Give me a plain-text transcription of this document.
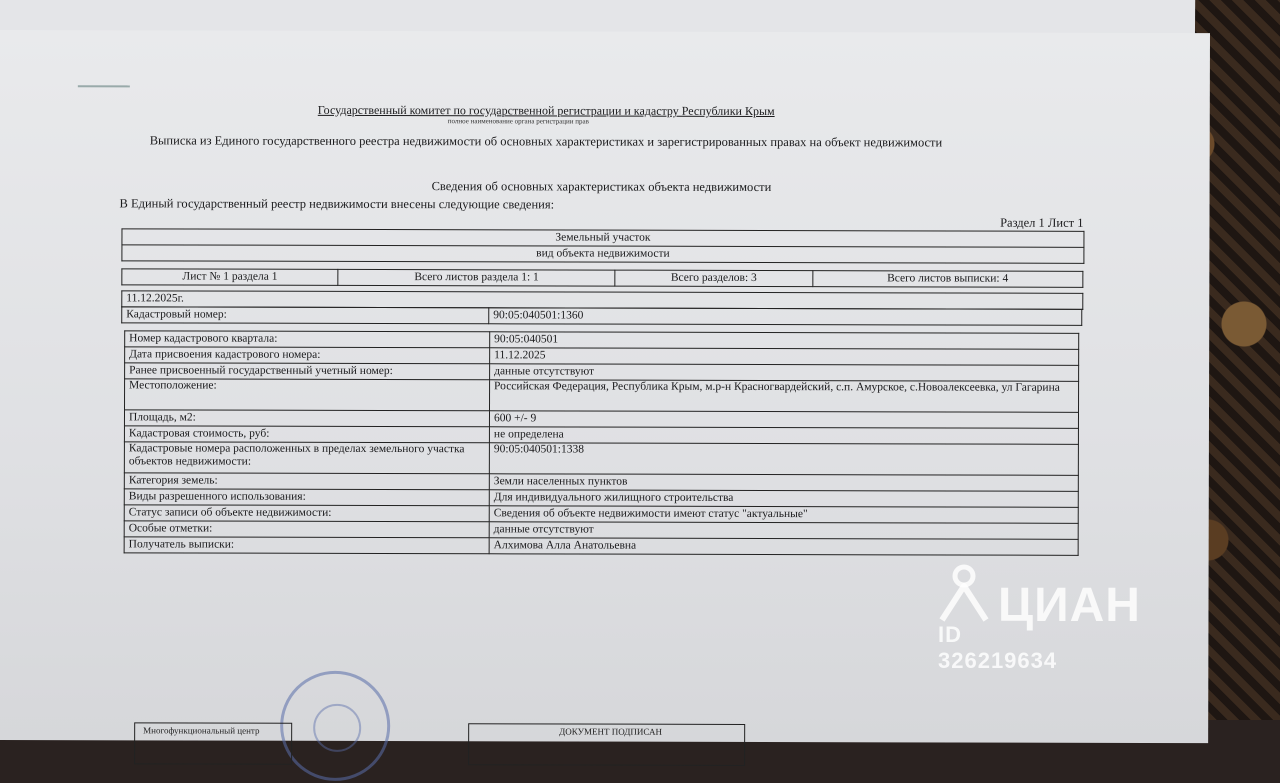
Государственный комитет по государственной регистрации и кадастру Республики Крым
полное наименование органа регистрации прав
Выписка из Единого государственного реестра недвижимости об основных характеристиках и зарегистрированных правах на объект недвижимости
Сведения об основных характеристиках объекта недвижимости
В Единый государственный реестр недвижимости внесены следующие сведения:
Раздел 1 Лист 1
Земельный участок
вид объекта недвижимости
Лист № 1 раздела 1	Всего листов раздела 1: 1	Всего разделов: 3	Всего листов выписки: 4
11.12.2025г.
Кадастровый номер:	90:05:040501:1360
Номер кадастрового квартала:	90:05:040501
Дата присвоения кадастрового номера:	11.12.2025
Ранее присвоенный государственный учетный номер:	данные отсутствуют
Местоположение:	Российская Федерация, Республика Крым, м.р-н Красногвардейский, с.п. Амурское, с.Новоалексеевка, ул Гагарина
Площадь, м2:	600 +/- 9
Кадастровая стоимость, руб:	не определена
Кадастровые номера расположенных в пределах земельного участка объектов недвижимости:	90:05:040501:1338
Категория земель:	Земли населенных пунктов
Виды разрешенного использования:	Для индивидуального жилищного строительства
Статус записи об объекте недвижимости:	Сведения об объекте недвижимости имеют статус "актуальные"
Особые отметки:	данные отсутствуют
Получатель выписки:	Алхимова Алла Анатольевна
Многофункциональный центр	ДОКУМЕНТ ПОДПИСАН
ЦИАН
ID 326219634
